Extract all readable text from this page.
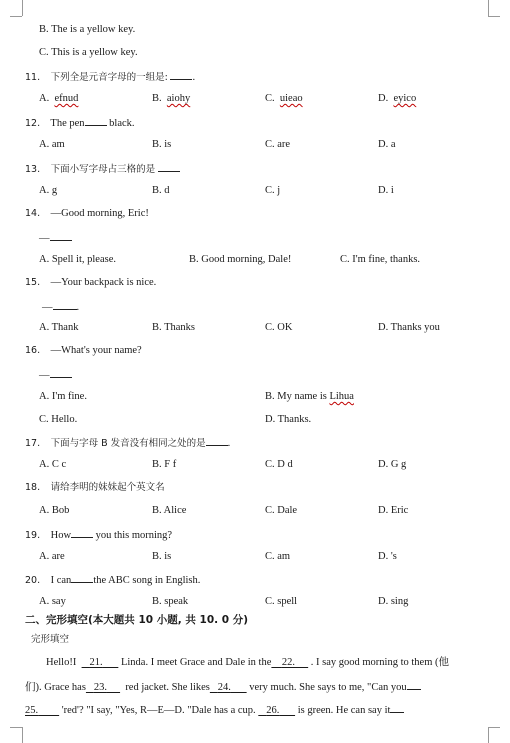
B. The is a yellow key.
C. This is a yellow key.
11. 下列全是元音字母的一组是: .
A. efnud	B. aiohy	C. uieao	D. eyico
12. The pen black.
A. am	B. is	C. are	D. a
13. 下面小写字母占三格的是
A. g	B. d	C. j	D. i
14. —Good morning, Eric!
—
A. Spell it, please.	B. Good morning, Dale!	C. I'm fine, thanks.
15. —Your backpack is nice.
— .
A. Thank	B. Thanks	C. OK	D. Thanks you
16. —What's your name?
—
A. I'm fine.	B. My name is Lihua
C. Hello.	D. Thanks.
17. 下面与字母 B 发音没有相同之处的是 .
A. C c	B. F f	C. D d	D. G g
18. 请给李明的妹妹起个英文名
A. Bob	B. Alice	C. Dale	D. Eric
19. How you this morning?
A. are	B. is	C. am	D. 's
20. I can the ABC song in English.
A. say	B. speak	C. spell	D. sing
二、完形填空(本大题共 10 小题, 共 10. 0 分)
完形填空
Hello!I 21. Linda. I meet Grace and Dale in the 22. . I say good morning to them (他
们). Grace has 23. red jacket. She likes 24. very much. She says to me, "Can you
25. 'red'? "I say, "Yes, R—E—D. "Dale has a cup. 26. is green. He can say it
